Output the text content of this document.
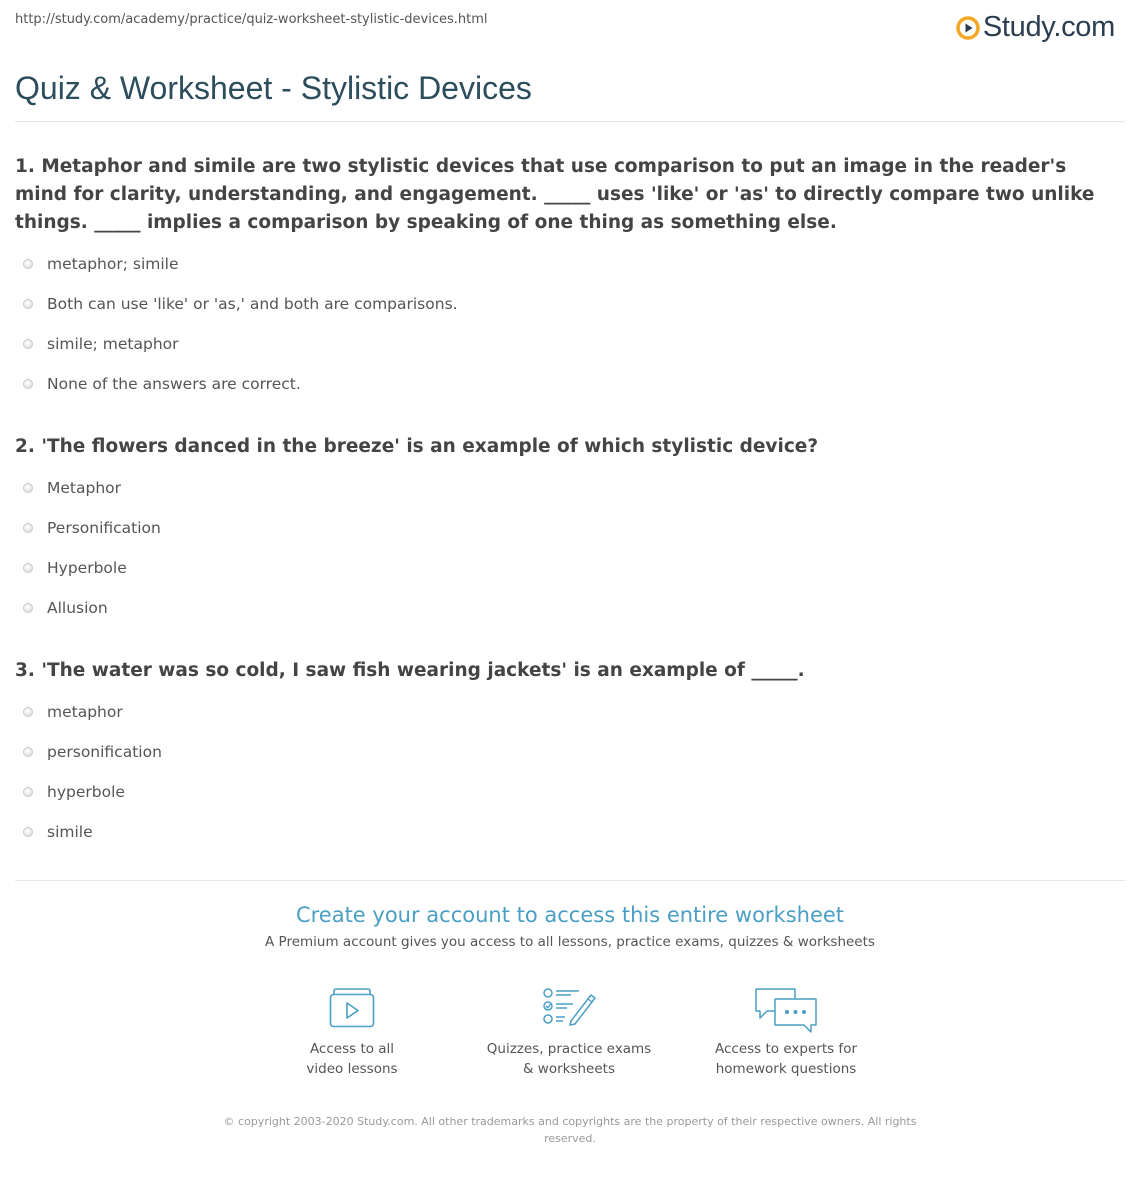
http://study.com/academy/practice/quiz-worksheet-stylistic-devices.html	Study.com
Quiz & Worksheet - Stylistic Devices

1. Metaphor and simile are two stylistic devices that use comparison to put an image in the reader's mind for clarity, understanding, and engagement. _____ uses 'like' or 'as' to directly compare two unlike things. _____ implies a comparison by speaking of one thing as something else.

metaphor; simile
Both can use 'like' or 'as,' and both are comparisons.
simile; metaphor
None of the answers are correct.

2. 'The flowers danced in the breeze' is an example of which stylistic device?

Metaphor
Personification
Hyperbole
Allusion

3. 'The water was so cold, I saw fish wearing jackets' is an example of _____.

metaphor
personification
hyperbole
simile

Create your account to access this entire worksheet

A Premium account gives you access to all lessons, practice exams, quizzes & worksheets
Access to all
video lessons
Quizzes, practice exams
& worksheets
Access to experts for
homework questions
© copyright 2003-2020 Study.com. All other trademarks and copyrights are the property of their respective owners. All rights reserved.
